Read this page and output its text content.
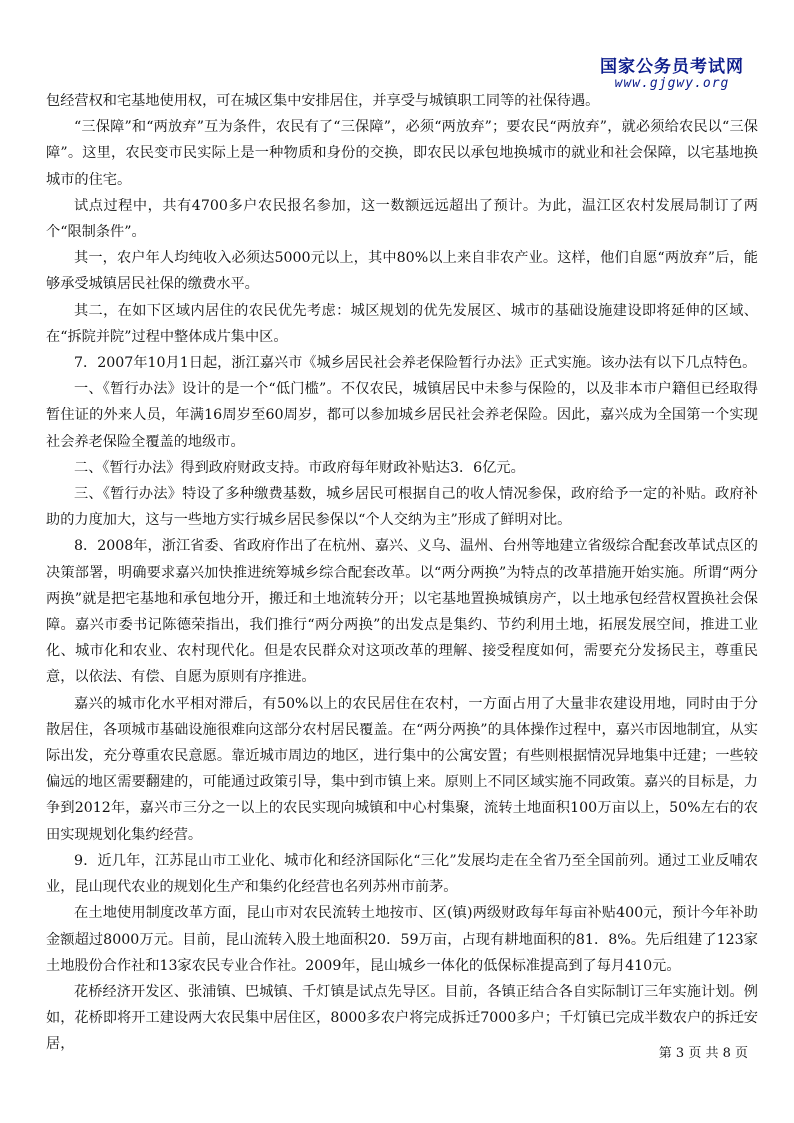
国家公务员考试网
www.gjgwy.org

包经营权和宅基地使用权，可在城区集中安排居住，并享受与城镇职工同等的社保待遇。

“三保障”和“两放弃”互为条件，农民有了“三保障”，必须“两放弃”；要农民“两放弃”，就必须给农民以“三保障”。这里，农民变市民实际上是一种物质和身份的交换，即农民以承包地换城市的就业和社会保障，以宅基地换城市的住宅。

试点过程中，共有4700多户农民报名参加，这一数额远远超出了预计。为此，温江区农村发展局制订了两个“限制条件”。

其一，农户年人均纯收入必须达5000元以上，其中80%以上来自非农产业。这样，他们自愿“两放弃”后，能够承受城镇居民社保的缴费水平。

其二，在如下区域内居住的农民优先考虑：城区规划的优先发展区、城市的基础设施建设即将延伸的区域、在“拆院并院”过程中整体成片集中区。

7．2007年10月1日起，浙江嘉兴市《城乡居民社会养老保险暂行办法》正式实施。该办法有以下几点特色。

一、《暂行办法》设计的是一个“低门槛”。不仅农民，城镇居民中未参与保险的，以及非本市户籍但已经取得暂住证的外来人员，年满16周岁至60周岁，都可以参加城乡居民社会养老保险。因此，嘉兴成为全国第一个实现社会养老保险全覆盖的地级市。

二、《暂行办法》得到政府财政支持。市政府每年财政补贴达3．6亿元。

三、《暂行办法》特设了多种缴费基数，城乡居民可根据自己的收人情况参保，政府给予一定的补贴。政府补助的力度加大，这与一些地方实行城乡居民参保以“个人交纳为主”形成了鲜明对比。

8．2008年，浙江省委、省政府作出了在杭州、嘉兴、义乌、温州、台州等地建立省级综合配套改革试点区的决策部署，明确要求嘉兴加快推进统筹城乡综合配套改革。以“两分两换”为特点的改革措施开始实施。所谓“两分两换”就是把宅基地和承包地分开，搬迁和土地流转分开；以宅基地置换城镇房产，以土地承包经营权置换社会保障。嘉兴市委书记陈德荣指出，我们推行“两分两换”的出发点是集约、节约利用土地，拓展发展空间，推进工业化、城市化和农业、农村现代化。但是农民群众对这项改革的理解、接受程度如何，需要充分发扬民主，尊重民意，以依法、有偿、自愿为原则有序推进。

嘉兴的城市化水平相对滞后，有50%以上的农民居住在农村，一方面占用了大量非农建设用地，同时由于分散居住，各项城市基础设施很难向这部分农村居民覆盖。在“两分两换”的具体操作过程中，嘉兴市因地制宜，从实际出发，充分尊重农民意愿。靠近城市周边的地区，进行集中的公寓安置；有些则根据情况异地集中迁建；一些较偏远的地区需要翻建的，可能通过政策引导，集中到市镇上来。原则上不同区域实施不同政策。嘉兴的目标是，力争到2012年，嘉兴市三分之一以上的农民实现向城镇和中心村集聚，流转土地面积100万亩以上，50%左右的农田实现规划化集约经营。

9．近几年，江苏昆山市工业化、城市化和经济国际化“三化”发展均走在全省乃至全国前列。通过工业反哺农业，昆山现代农业的规划化生产和集约化经营也名列苏州市前茅。

在土地使用制度改革方面，昆山市对农民流转土地按市、区(镇)两级财政每年每亩补贴400元，预计今年补助金额超过8000万元。目前，昆山流转入股土地面积20．59万亩，占现有耕地面积的81．8%。先后组建了123家土地股份合作社和13家农民专业合作社。2009年，昆山城乡一体化的低保标准提高到了每月410元。

花桥经济开发区、张浦镇、巴城镇、千灯镇是试点先导区。目前，各镇正结合各自实际制订三年实施计划。例如，花桥即将开工建设两大农民集中居住区，8000多农户将完成拆迁7000多户；千灯镇已完成半数农户的拆迁安居，

第 3 页 共 8 页
